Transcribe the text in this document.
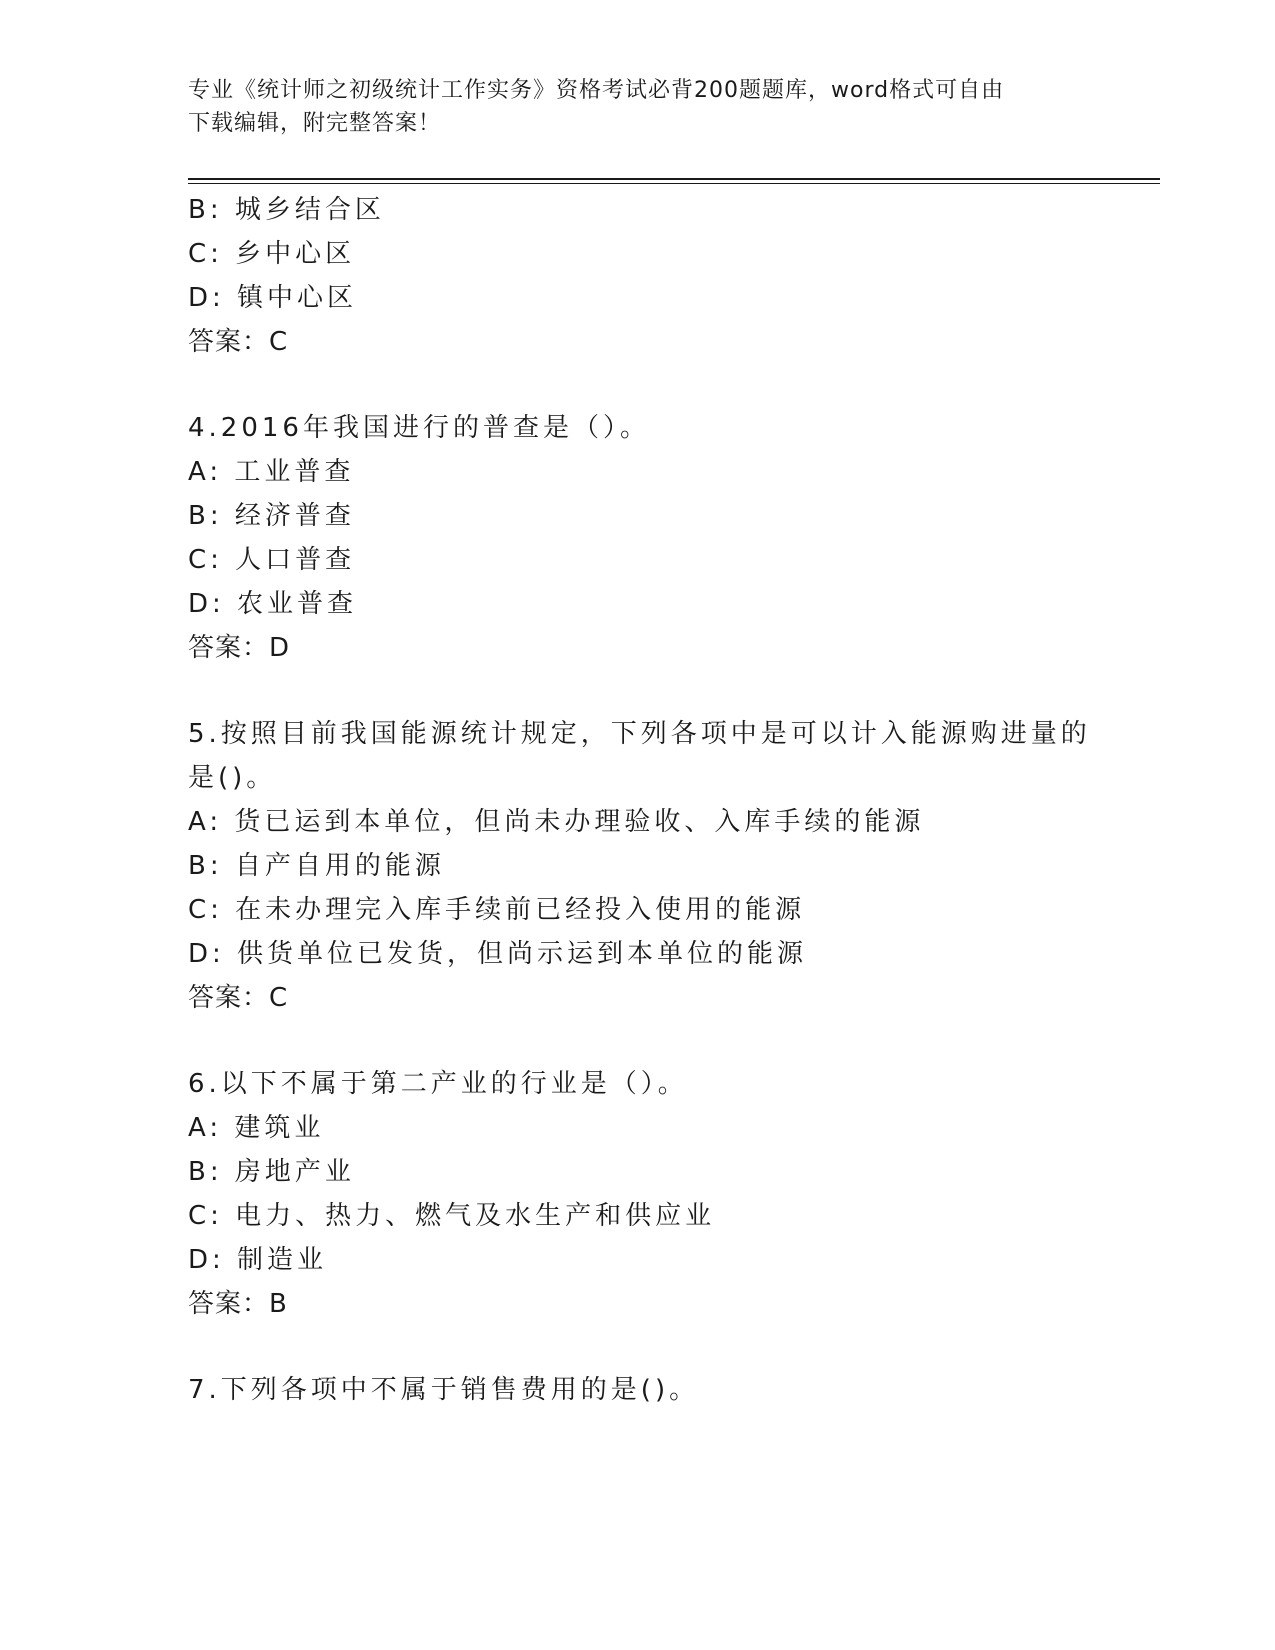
专业《统计师之初级统计工作实务》资格考试必背200题题库，word格式可自由
下载编辑，附完整答案！
B: 城乡结合区
C: 乡中心区
D: 镇中心区
答案：C
4.2016年我国进行的普查是（）。
A: 工业普查
B: 经济普查
C: 人口普查
D: 农业普查
答案：D
5.按照目前我国能源统计规定，下列各项中是可以计入能源购进量的
是()。
A: 货已运到本单位，但尚未办理验收、入库手续的能源
B: 自产自用的能源
C: 在未办理完入库手续前已经投入使用的能源
D: 供货单位已发货，但尚示运到本单位的能源
答案：C
6.以下不属于第二产业的行业是（）。
A: 建筑业
B: 房地产业
C: 电力、热力、燃气及水生产和供应业
D: 制造业
答案：B
7.下列各项中不属于销售费用的是()。
